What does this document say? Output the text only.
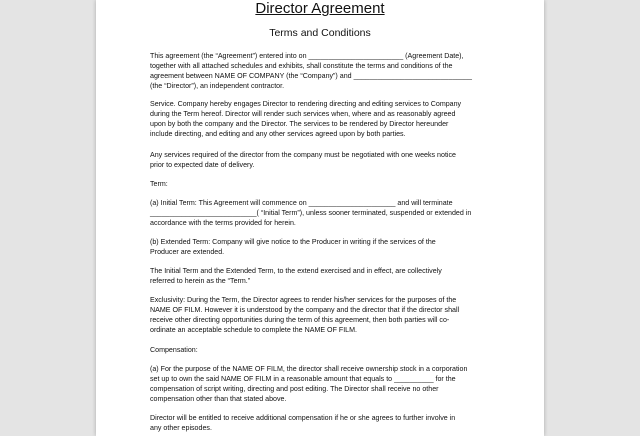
Director Agreement
Terms and Conditions
This agreement (the “Agreement”) entered into on ________________________ (Agreement Date),
together with all attached schedules and exhibits, shall constitute the terms and conditions of the
agreement between NAME OF COMPANY (the “Company”) and ______________________________
(the “Director”), an independent contractor.
Service. Company hereby engages Director to rendering directing and editing services to Company
during the Term hereof. Director will render such services when, where and as reasonably agreed
upon by both the company and the Director. The services to be rendered by Director hereunder
include directing, and editing and any other services agreed upon by both parties.
Any services required of the director from the company must be negotiated with one weeks notice
prior to expected date of delivery.
Term:
(a) Initial Term: This Agreement will commence on ______________________ and will terminate
___________________________( “Initial Term”), unless sooner terminated, suspended or extended in
accordance with the terms provided for herein.
(b) Extended Term: Company will give notice to the Producer in writing if the services of the
Producer are extended.
The Initial Term and the Extended Term, to the extend exercised and in effect, are collectively
referred to herein as the “Term.”
Exclusivity: During the Term, the Director agrees to render his/her services for the purposes of the
NAME OF FILM. However it is understood by the company and the director that if the director shall
receive other directing opportunities during the term of this agreement, then both parties will co-
ordinate an acceptable schedule to complete the NAME OF FILM.
Compensation:
(a) For the purpose of the NAME OF FILM, the director shall receive ownership stock in a corporation
set up to own the said NAME OF FILM in a reasonable amount that equals to __________ for the
compensation of script writing, directing and post editing. The Director shall receive no other
compensation other than that stated above.
Director will be entitled to receive additional compensation if he or she agrees to further involve in
any other episodes.
